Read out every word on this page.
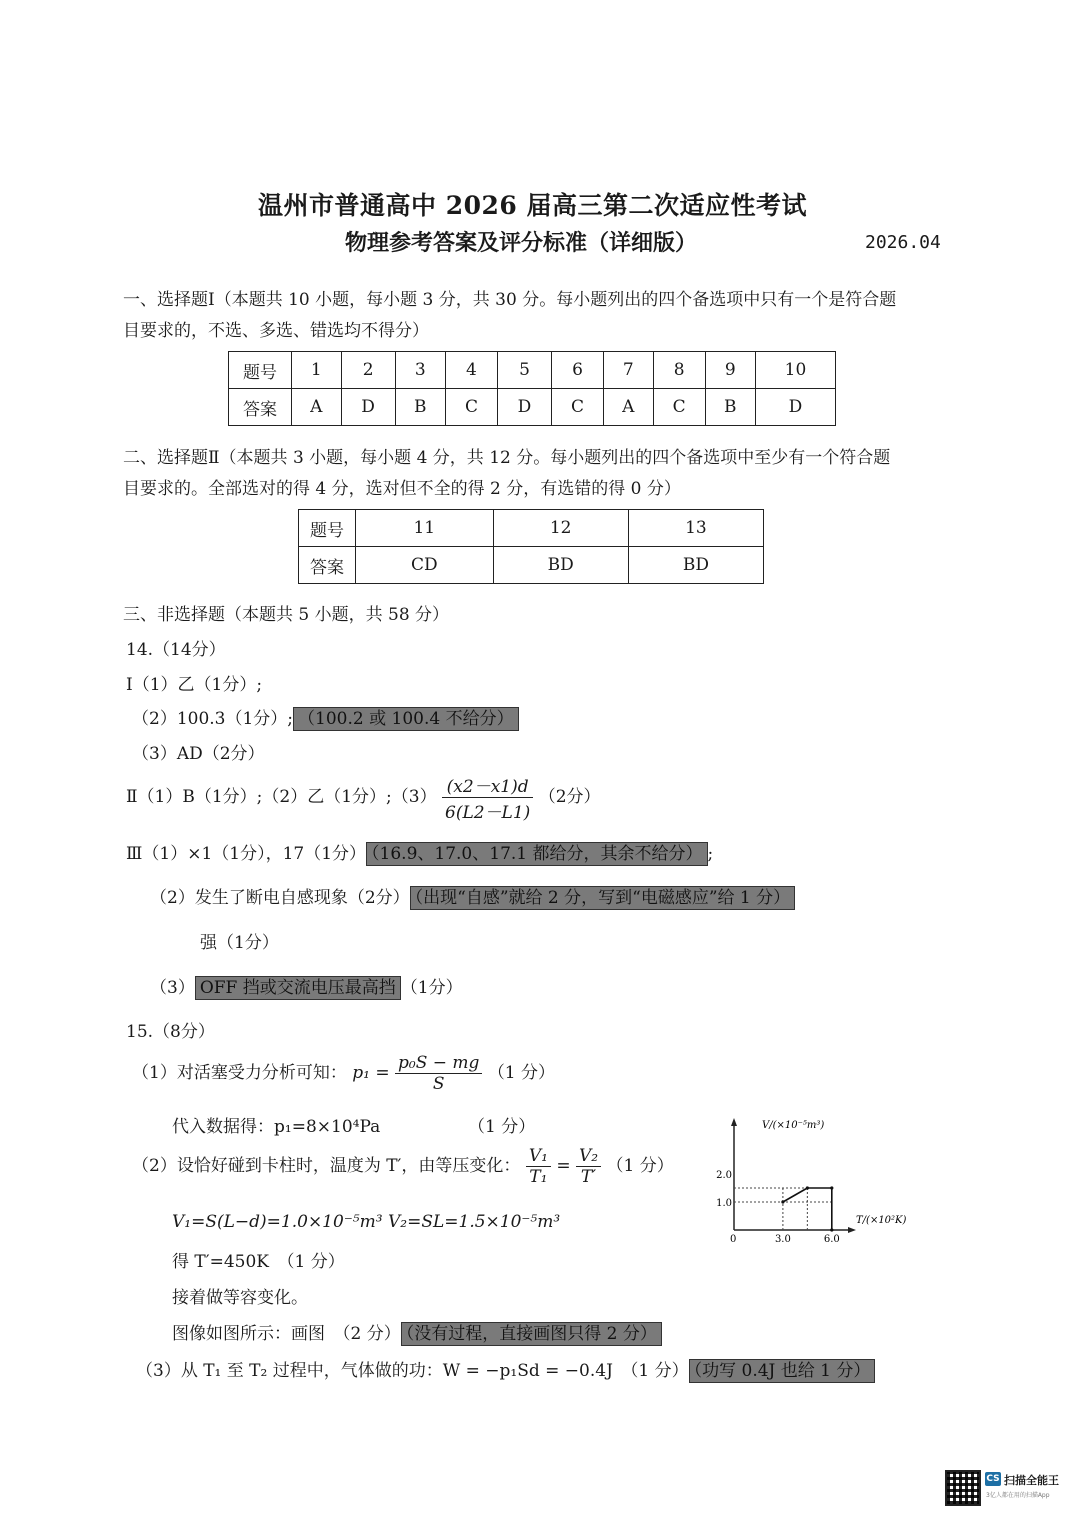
温州市普通高中 2026 届高三第二次适应性考试
物理参考答案及评分标准（详细版）	2026.04
一、选择题Ⅰ（本题共 10 小题，每小题 3 分，共 30 分。每小题列出的四个备选项中只有一个是符合题
目要求的，不选、多选、错选均不得分）
题号	1	2	3	4	5	6	7	8	9	10
答案	A	D	B	C	D	C	A	C	B	D
二、选择题Ⅱ（本题共 3 小题，每小题 4 分，共 12 分。每小题列出的四个备选项中至少有一个符合题
目要求的。全部选对的得 4 分，选对但不全的得 2 分，有选错的得 0 分）
题号	11	12	13
答案	CD	BD	BD
三、非选择题（本题共 5 小题，共 58 分）
14.（14分）
Ⅰ（1）乙（1分）;
（2）100.3（1分）; （100.2 或 100.4 不给分）
（3）AD（2分）
Ⅱ（1）B（1分）;（2）乙（1分）;（3） $\frac{(x2-x1)d}{6(L2-L1)} (2$分）
Ⅲ（1）×1（1分），17（1分） （16.9、17.0、17.1 都给分，其余不给分） ;
（2）发生了断电自感现象（2分） （出现“自感”就给 2 分，写到“电磁感应”给 1 分）
强（1分）
（3） OFF 挡或交流电压最高挡 （1分）
15.（8分）
（1）对活塞受力分析可知： $p_1 = \frac{\text{p₀S − mg}}{S} (1$ 分）
代入数据得：p₁=8×10⁴Pa	（1 分）
（2）设恰好碰到卡柱时，温度为 T′，由等压变化： $\frac{\text{V₁}}{\text{T₁}} = \frac{\text{V₂}}{T'} (1$ 分）
V₁=S(L−d)=1.0×10⁻⁵m³ V₂=SL=1.5×10⁻⁵m³
得 T′=450K　（1 分）
接着做等容变化。
图像如图所示：画图　（2 分） （没有过程，直接画图只得 2 分）
（3）从 T₁ 至 T₂ 过程中，气体做的功：W = −p₁Sd = −0.4J　（1 分） （功写 0.4J 也给 1 分）
V/(×10⁻⁵m³)
T/(×10²K)
0	3.0	6.0
1.0
2.0
CS 扫描全能王
3亿人都在用的扫描App
